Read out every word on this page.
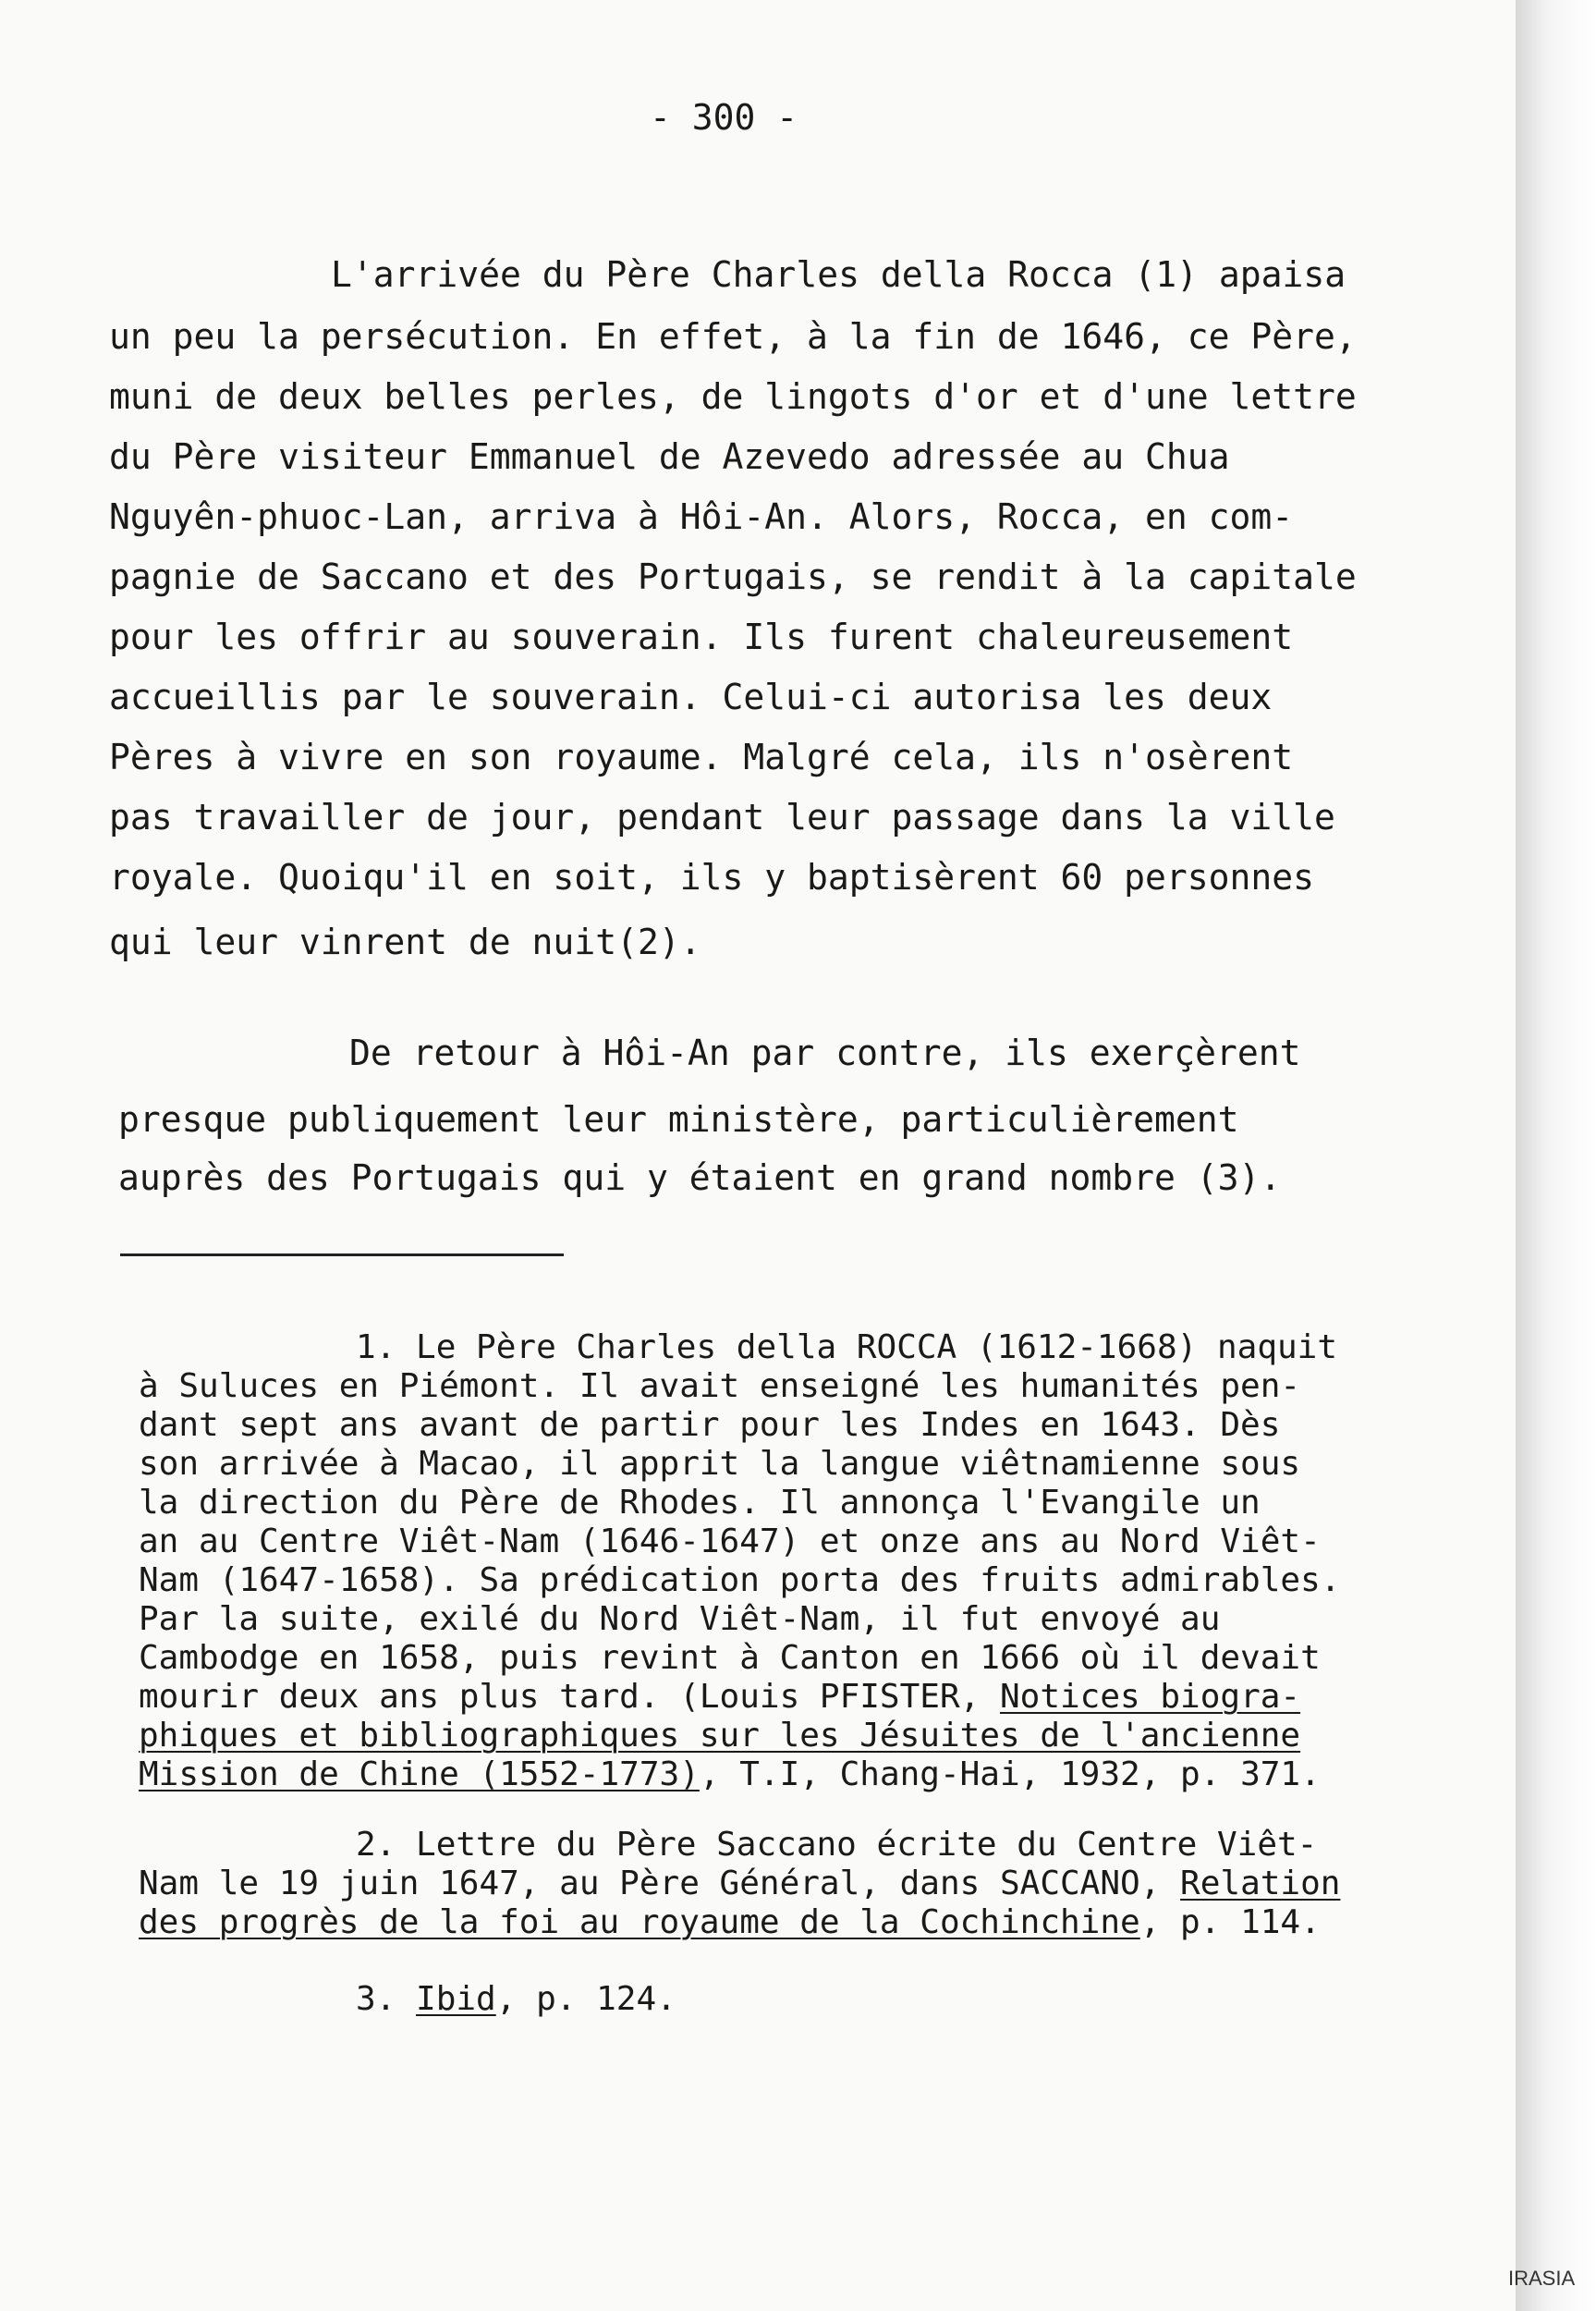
- 300 -
L'arrivée du Père Charles della Rocca (1) apaisa
un peu la persécution. En effet, à la fin de 1646, ce Père,
muni de deux belles perles, de lingots d'or et d'une lettre
du Père visiteur Emmanuel de Azevedo adressée au Chua
Nguyên-phuoc-Lan, arriva à Hôi-An. Alors, Rocca, en com-
pagnie de Saccano et des Portugais, se rendit à la capitale
pour les offrir au souverain. Ils furent chaleureusement
accueillis par le souverain. Celui-ci autorisa les deux
Pères à vivre en son royaume. Malgré cela, ils n'osèrent
pas travailler de jour, pendant leur passage dans la ville
royale. Quoiqu'il en soit, ils y baptisèrent 60 personnes
qui leur vinrent de nuit(2).
De retour à Hôi-An par contre, ils exerçèrent
presque publiquement leur ministère, particulièrement
auprès des Portugais qui y étaient en grand nombre (3).
1. Le Père Charles della ROCCA (1612-1668) naquit
à Suluces en Piémont. Il avait enseigné les humanités pen-
dant sept ans avant de partir pour les Indes en 1643. Dès
son arrivée à Macao, il apprit la langue viêtnamienne sous
la direction du Père de Rhodes. Il annonça l'Evangile un
an au Centre Viêt-Nam (1646-1647) et onze ans au Nord Viêt-
Nam (1647-1658). Sa prédication porta des fruits admirables.
Par la suite, exilé du Nord Viêt-Nam, il fut envoyé au
Cambodge en 1658, puis revint à Canton en 1666 où il devait
mourir deux ans plus tard. (Louis PFISTER, Notices biogra-
phiques et bibliographiques sur les Jésuites de l'ancienne
Mission de Chine (1552-1773), T.I, Chang-Hai, 1932, p. 371.
2. Lettre du Père Saccano écrite du Centre Viêt-
Nam le 19 juin 1647, au Père Général, dans SACCANO, Relation
des progrès de la foi au royaume de la Cochinchine, p. 114.
3. Ibid, p. 124.
IRASIA
